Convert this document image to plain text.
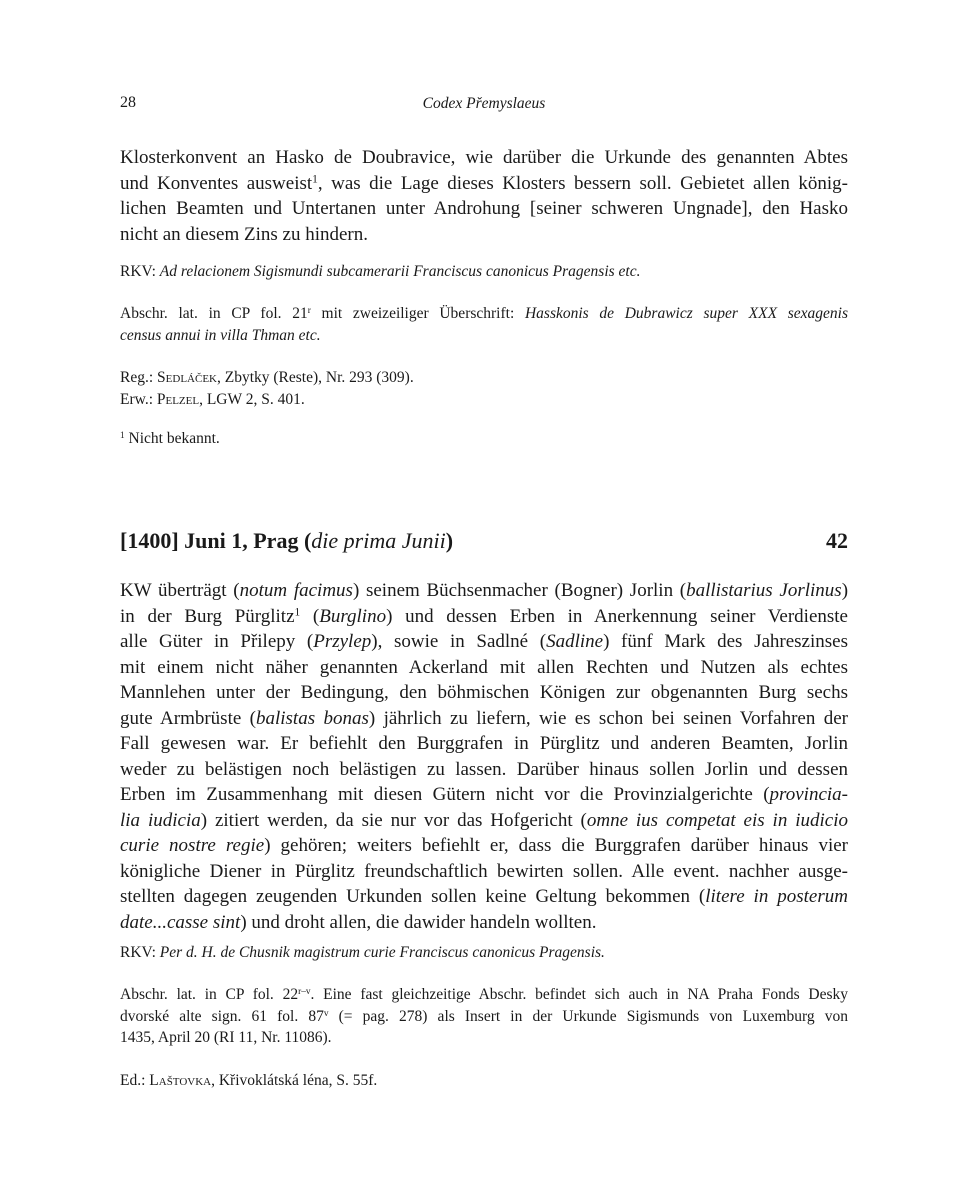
28	Codex Přemyslaeus
Klosterkonvent an Hasko de Doubravice, wie darüber die Urkunde des genannten Abtes
und Konventes ausweist$^1$, was die Lage dieses Klosters bessern soll. Gebietet allen könig-
lichen Beamten und Untertanen unter Androhung [seiner schweren Ungnade], den Hasko
nicht an diesem Zins zu hindern.
RKV: Ad relacionem Sigismundi subcamerarii Franciscus canonicus Pragensis etc.
Abschr. lat. in CP fol. 21$^r$ mit zweizeiliger Überschrift: Hasskonis de Dubrawicz super XXX sexagenis
census annui in villa Thman etc.
Reg.: Sedláček, Zbytky (Reste), Nr. 293 (309).
Erw.: Pelzel, LGW 2, S. 401.
$^1$ Nicht bekannt.
[1400] Juni 1, Prag (die prima Junii)	42
KW überträgt (notum facimus) seinem Büchsenmacher (Bogner) Jorlin (ballistarius Jorlinus)
in der Burg Pürglitz$^1$ (Burglino) und dessen Erben in Anerkennung seiner Verdienste
alle Güter in Přilepy (Przylep), sowie in Sadlné (Sadline) fünf Mark des Jahreszinses
mit einem nicht näher genannten Ackerland mit allen Rechten und Nutzen als echtes
Mannlehen unter der Bedingung, den böhmischen Königen zur obgenannten Burg sechs
gute Armbrüste (balistas bonas) jährlich zu liefern, wie es schon bei seinen Vorfahren der
Fall gewesen war. Er befiehlt den Burggrafen in Pürglitz und anderen Beamten, Jorlin
weder zu belästigen noch belästigen zu lassen. Darüber hinaus sollen Jorlin und dessen
Erben im Zusammenhang mit diesen Gütern nicht vor die Provinzialgerichte (provincia-
lia iudicia) zitiert werden, da sie nur vor das Hofgericht (omne ius competat eis in iudicio
curie nostre regie) gehören; weiters befiehlt er, dass die Burggrafen darüber hinaus vier
königliche Diener in Pürglitz freundschaftlich bewirten sollen. Alle event. nachher ausge-
stellten dagegen zeugenden Urkunden sollen keine Geltung bekommen (litere in posterum
date...casse sint) und droht allen, die dawider handeln wollten.
RKV: Per d. H. de Chusnik magistrum curie Franciscus canonicus Pragensis.
Abschr. lat. in CP fol. 22$^{r-v}$. Eine fast gleichzeitige Abschr. befindet sich auch in NA Praha Fonds Desky
dvorské alte sign. 61 fol. 87$^v$ (= pag. 278) als Insert in der Urkunde Sigismunds von Luxemburg von
1435, April 20 (RI 11, Nr. 11086).
Ed.: Laštovka, Křivoklátská léna, S. 55f.
